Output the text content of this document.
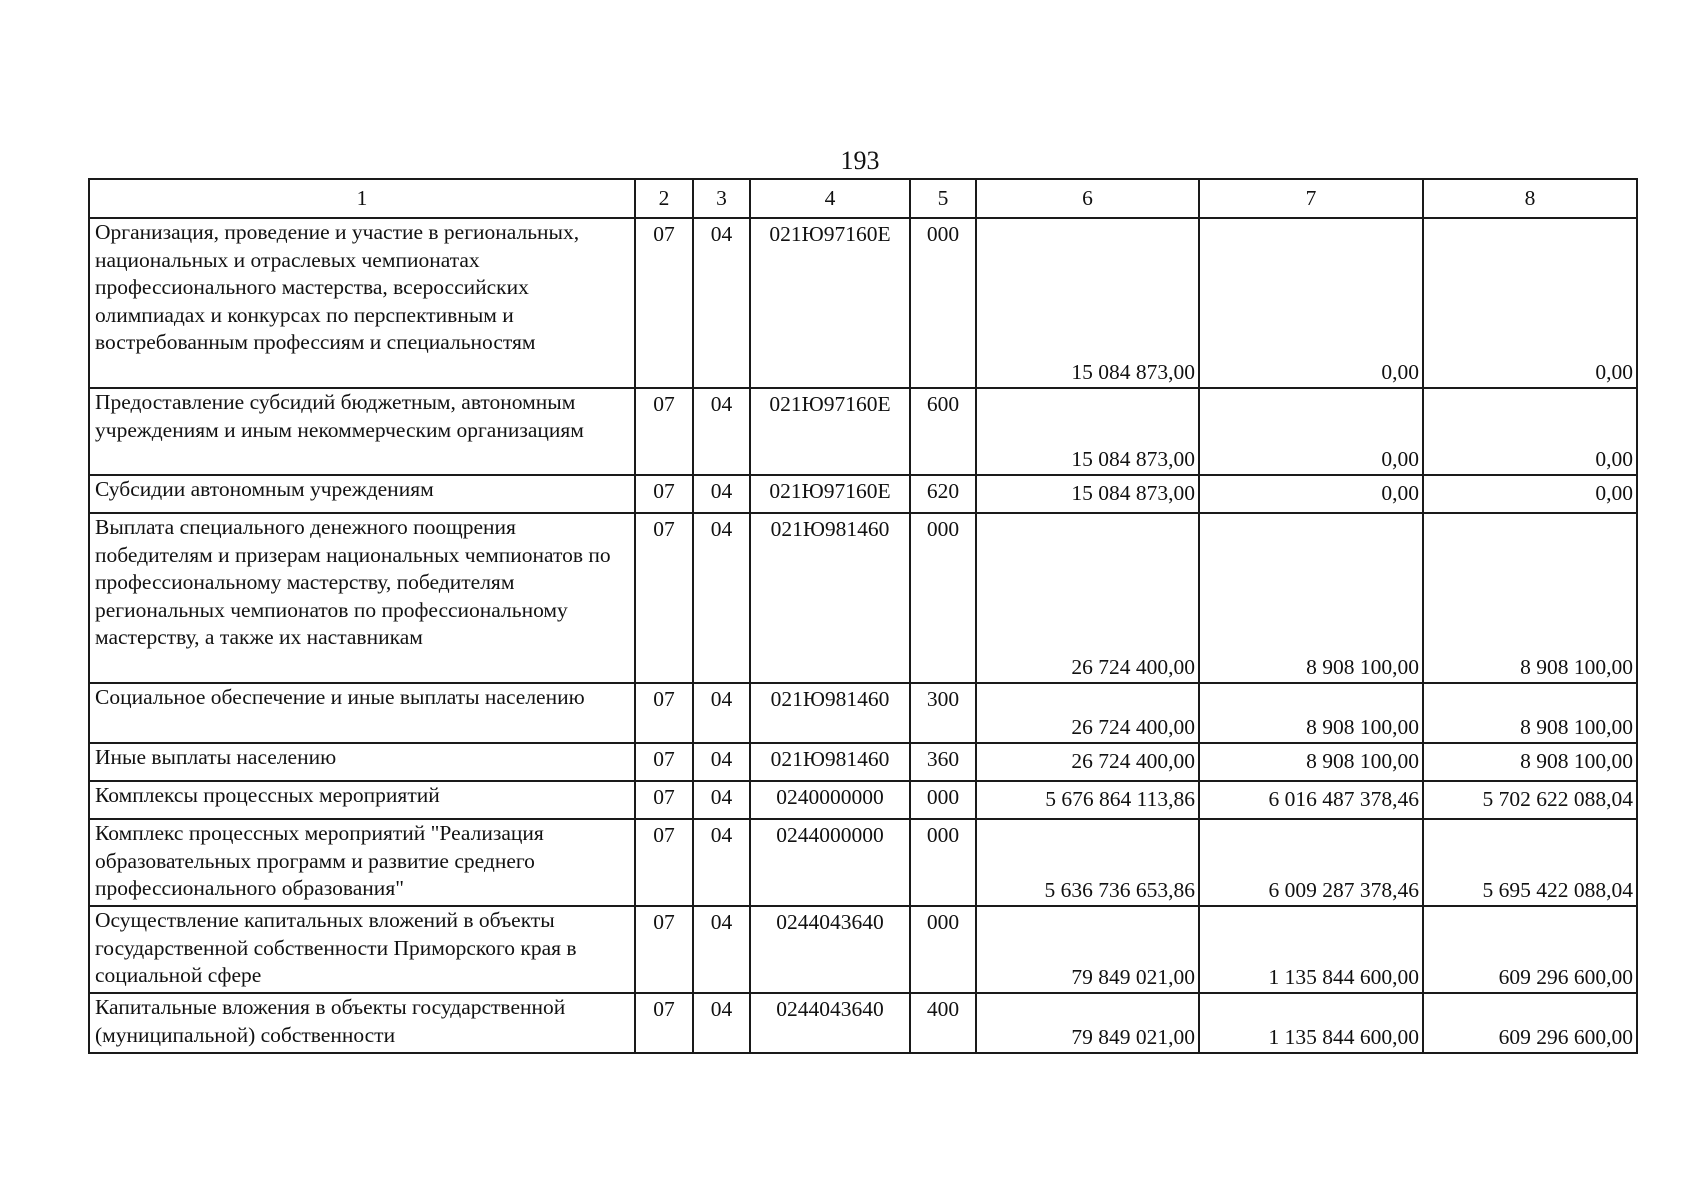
193
1	2	3	4	5	6	7	8
Организация, проведение и участие в региональных, национальных и отраслевых чемпионатах профессионального мастерства, всероссийских олимпиадах и конкурсах по перспективным и востребованным профессиям и специальностям	07	04	021Ю97160Е	000	15 084 873,00	0,00	0,00
Предоставление субсидий бюджетным, автономным учреждениям и иным некоммерческим организациям	07	04	021Ю97160Е	600	15 084 873,00	0,00	0,00
Субсидии автономным учреждениям	07	04	021Ю97160Е	620	15 084 873,00	0,00	0,00
Выплата специального денежного поощрения победителям и призерам национальных чемпионатов по профессиональному мастерству, победителям региональных чемпионатов по профессиональному мастерству, а также их наставникам	07	04	021Ю981460	000	26 724 400,00	8 908 100,00	8 908 100,00
Социальное обеспечение и иные выплаты населению	07	04	021Ю981460	300	26 724 400,00	8 908 100,00	8 908 100,00
Иные выплаты населению	07	04	021Ю981460	360	26 724 400,00	8 908 100,00	8 908 100,00
Комплексы процессных мероприятий	07	04	0240000000	000	5 676 864 113,86	6 016 487 378,46	5 702 622 088,04
Комплекс процессных мероприятий "Реализация образовательных программ и развитие среднего профессионального образования"	07	04	0244000000	000	5 636 736 653,86	6 009 287 378,46	5 695 422 088,04
Осуществление капитальных вложений в объекты государственной собственности Приморского края в социальной сфере	07	04	0244043640	000	79 849 021,00	1 135 844 600,00	609 296 600,00
Капитальные вложения в объекты государственной (муниципальной) собственности	07	04	0244043640	400	79 849 021,00	1 135 844 600,00	609 296 600,00
